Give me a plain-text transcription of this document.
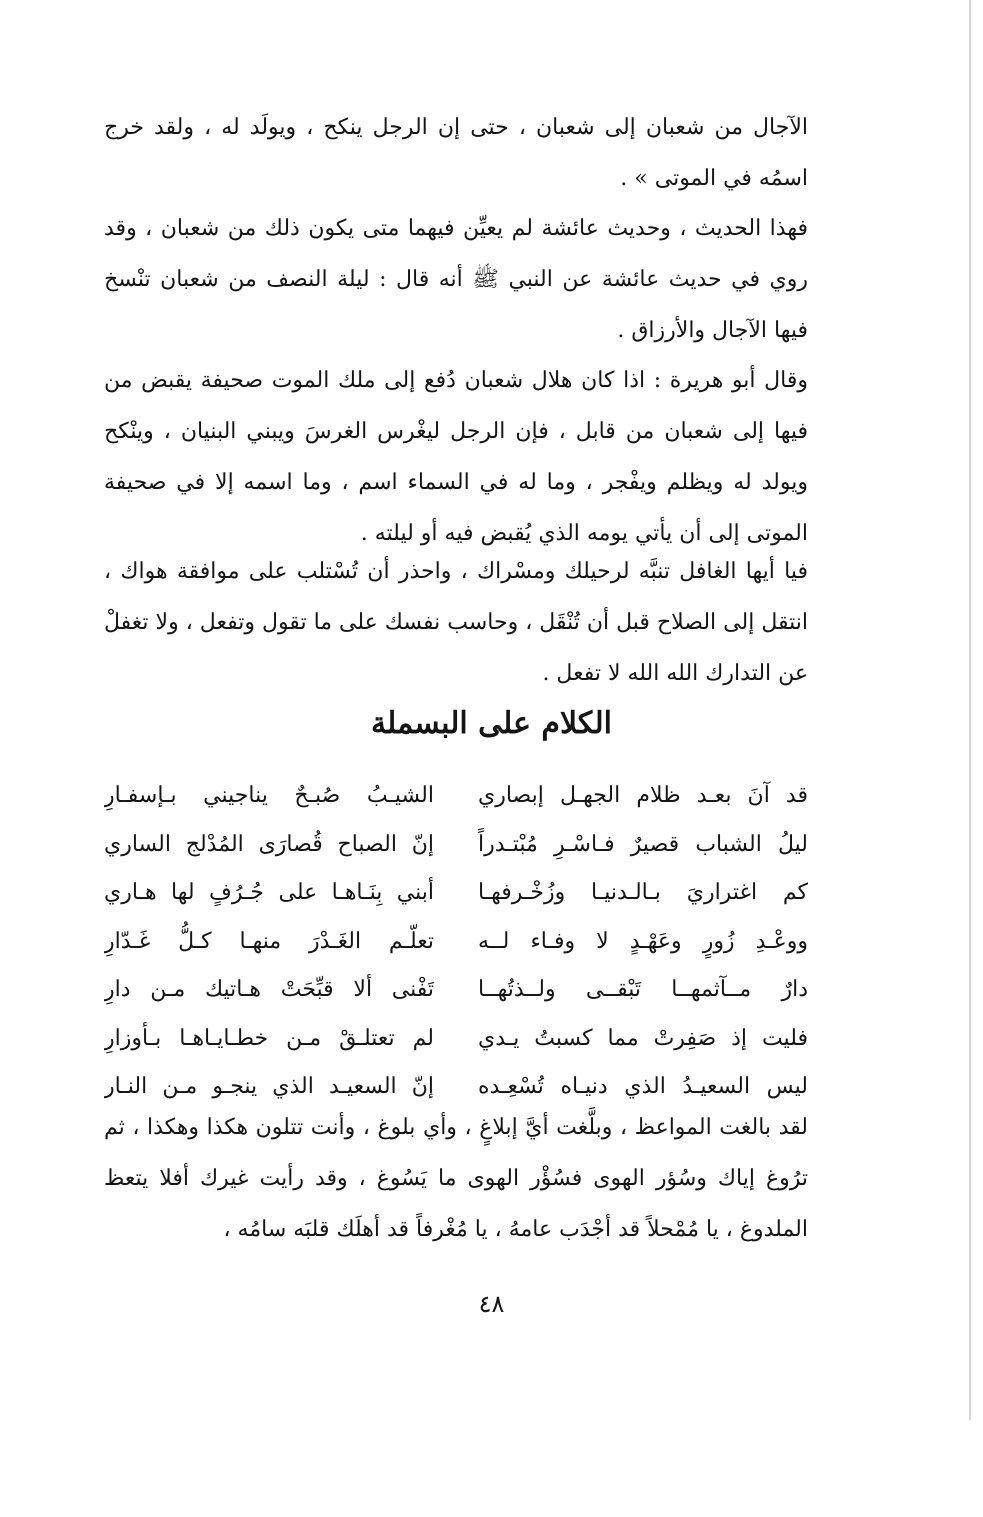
الآجال من شعبان إلى شعبان ، حتى إن الرجل ينكح ، ويولَد له ، ولقد خرج اسمُه في الموتى » .

فهذا الحديث ، وحديث عائشة لم يعيِّن فيهما متى يكون ذلك من شعبان ، وقد روي في حديث عائشة عن النبي ﷺ أنه قال : ليلة النصف من شعبان تنْسخ فيها الآجال والأرزاق .

وقال أبو هريرة : اذا كان هلال شعبان دُفع إلى ملك الموت صحيفة يقبض من فيها إلى شعبان من قابل ، فإن الرجل ليغْرس الغرسَ ويبني البنيان ، وينْكح ويولد له ويظلم ويفْجر ، وما له في السماء اسم ، وما اسمه إلا في صحيفة الموتى إلى أن يأتي يومه الذي يُقبض فيه أو ليلته .

فيا أيها الغافل تنبَّه لرحيلك ومسْراك ، واحذر أن تُسْتلب على موافقة هواك ، انتقل إلى الصلاح قبل أن تُنْقَل ، وحاسب نفسك على ما تقول وتفعل ، ولا تغفلْ عن التدارك الله الله لا تفعل .

الكلام على البسملة
قد آنَ بعـد ظلام الجهـل إبصاري
الشيـبُ صُبـحٌ يناجيني بـإسفـارِ
ليلُ الشباب قصيرٌ فـاسْـرِ مُبْتـدراً
إنّ الصباح قُصارَى المُدْلج الساري
كم اغتراريَ بـالـدنيـا وزُخْـرفهـا
أبني بِنَـاهـا على جُـرُفٍ لها هـاري
ووعْـدِ زُورٍ وعَهْـدٍ لا وفـاء لــه
تعلّـم الغَـدْرَ منهـا كـلُّ غَـدّارِ
دارٌ مــآثمهــا تَبْقــى ولــذتُهــا
تَفْنى ألا قبِّحَتْ هـاتيك مـن دارِ
فليت إذ صَفِرتْ مما كسبتُ يـدي
لم تعتلـقْ مـن خطـايـاهـا بـأوزارِ
ليس السعيـدُ الذي دنيـاه تُسْعِـده
إنّ السعيـد الذي ينجـو مـن النـار

لقد بالغت المواعظ ، وبلَّغت أيَّ إبلاغٍ ، وأي بلوغ ، وأنت تتلون هكذا وهكذا ، ثم ترُوغ إياك وسُؤر الهوى فسُؤْر الهوى ما يَسُوغ ، وقد رأيت غيرك أفلا يتعظ الملدوغ ، يا مُمْحلاً قد أجْدَب عامهُ ، يا مُغْرفاً قد أهلَك قلبَه سامُه ،

٤٨
